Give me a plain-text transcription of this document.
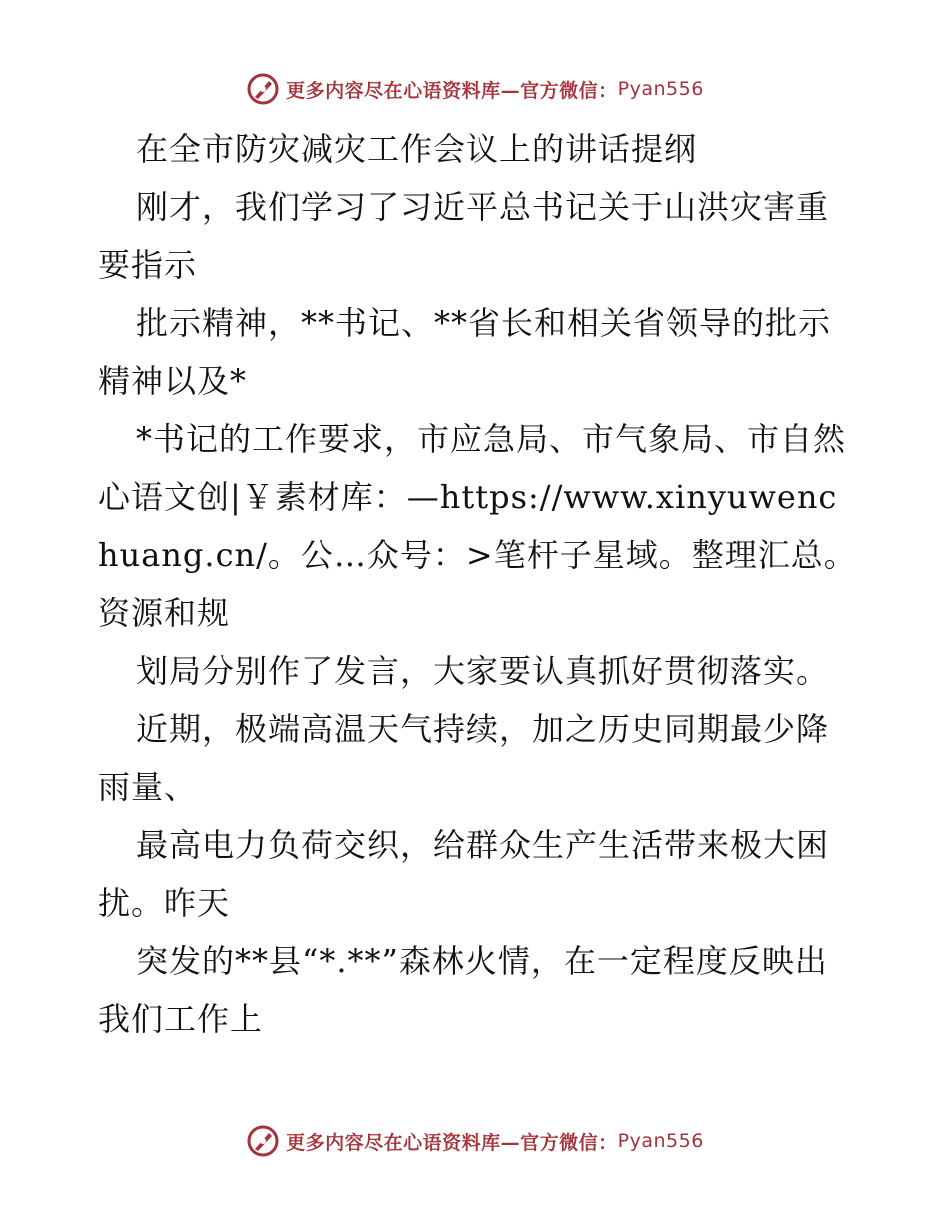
更多内容尽在心语资料库—官方微信： Pyan556

在全市防灾减灾工作会议上的讲话提纲

刚才，我们学习了习近平总书记关于山洪灾害重要指示

批示精神，**书记、**省长和相关省领导的批示精神以及*

*书记的工作要求，市应急局、市气象局、市自然心语文创|￥素材库：—https://www.xinyuwenchuang.cn/。公…众号：>笔杆子星域。整理汇总。资源和规

划局分别作了发言，大家要认真抓好贯彻落实。

近期，极端高温天气持续，加之历史同期最少降雨量、

最高电力负荷交织，给群众生产生活带来极大困扰。昨天

突发的**县“*.**”森林火情，在一定程度反映出我们工作上

更多内容尽在心语资料库—官方微信： Pyan556
